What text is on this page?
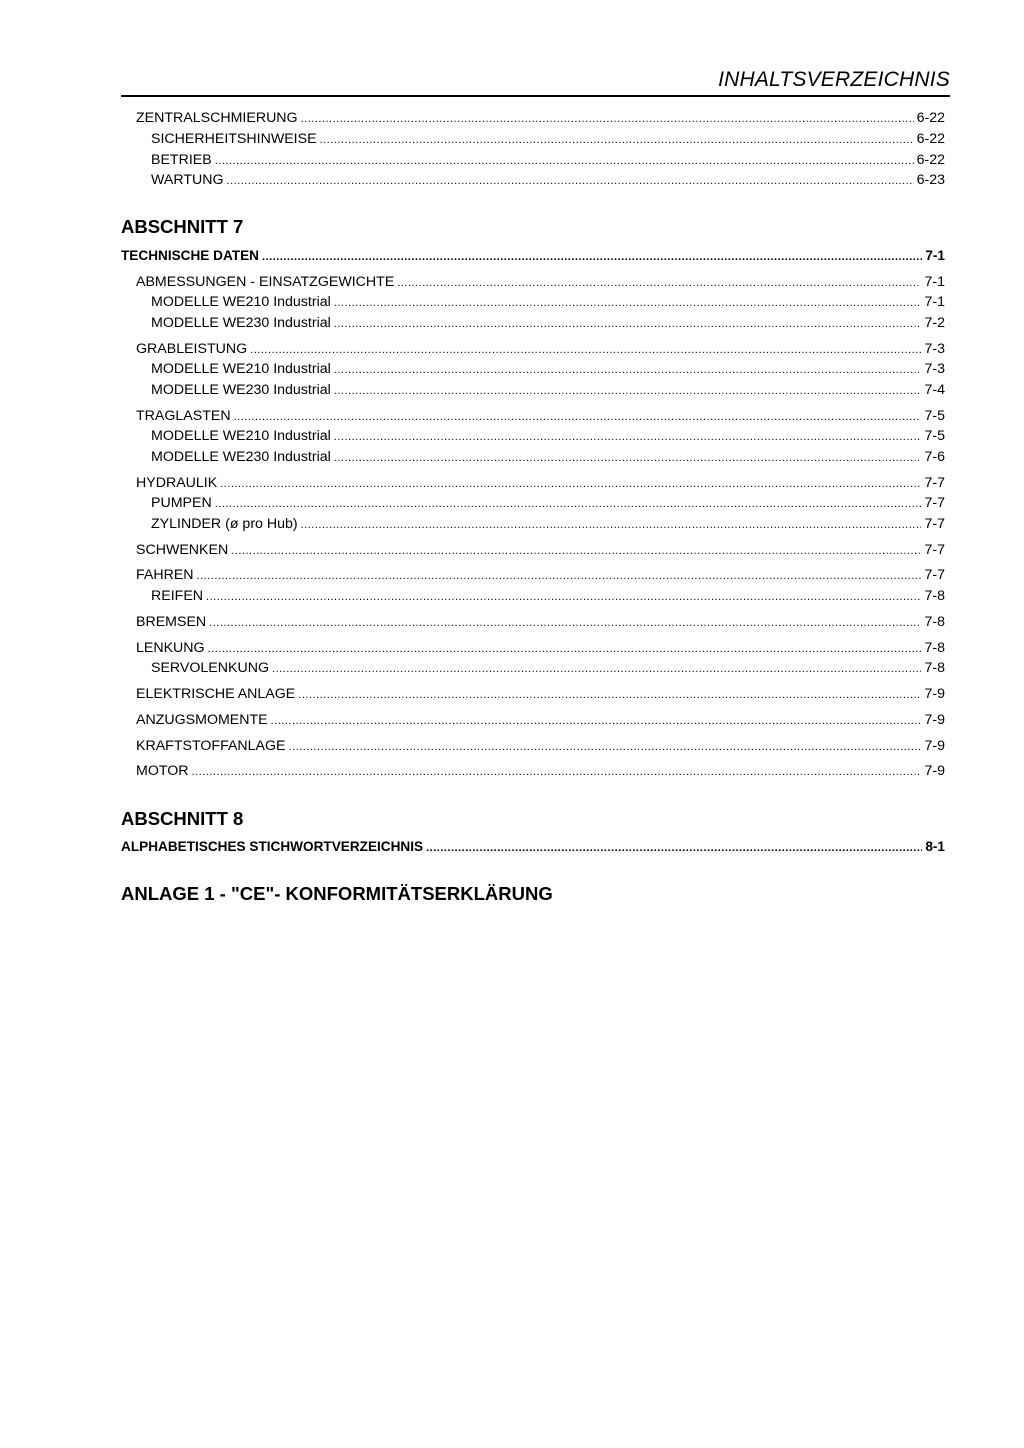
INHALTSVERZEICHNIS
ZENTRALSCHMIERUNG .....	6-22
SICHERHEITSHINWEISE .....	6-22
BETRIEB .....	6-22
WARTUNG .....	6-23
ABSCHNITT 7
TECHNISCHE DATEN .....	7-1
ABMESSUNGEN - EINSATZGEWICHTE .....	7-1
MODELLE WE210 Industrial .....	7-1
MODELLE WE230 Industrial .....	7-2
GRABLEISTUNG .....	7-3
MODELLE WE210 Industrial .....	7-3
MODELLE WE230 Industrial .....	7-4
TRAGLASTEN .....	7-5
MODELLE WE210 Industrial .....	7-5
MODELLE WE230 Industrial .....	7-6
HYDRAULIK .....	7-7
PUMPEN .....	7-7
ZYLINDER (ø pro Hub) .....	7-7
SCHWENKEN .....	7-7
FAHREN .....	7-7
REIFEN .....	7-8
BREMSEN .....	7-8
LENKUNG .....	7-8
SERVOLENKUNG .....	7-8
ELEKTRISCHE ANLAGE .....	7-9
ANZUGSMOMENTE .....	7-9
KRAFTSTOFFANLAGE .....	7-9
MOTOR .....	7-9
ABSCHNITT 8
ALPHABETISCHES STICHWORTVERZEICHNIS .....	8-1
ANLAGE 1 - "CE"- KONFORMITÄTSERKLÄRUNG
